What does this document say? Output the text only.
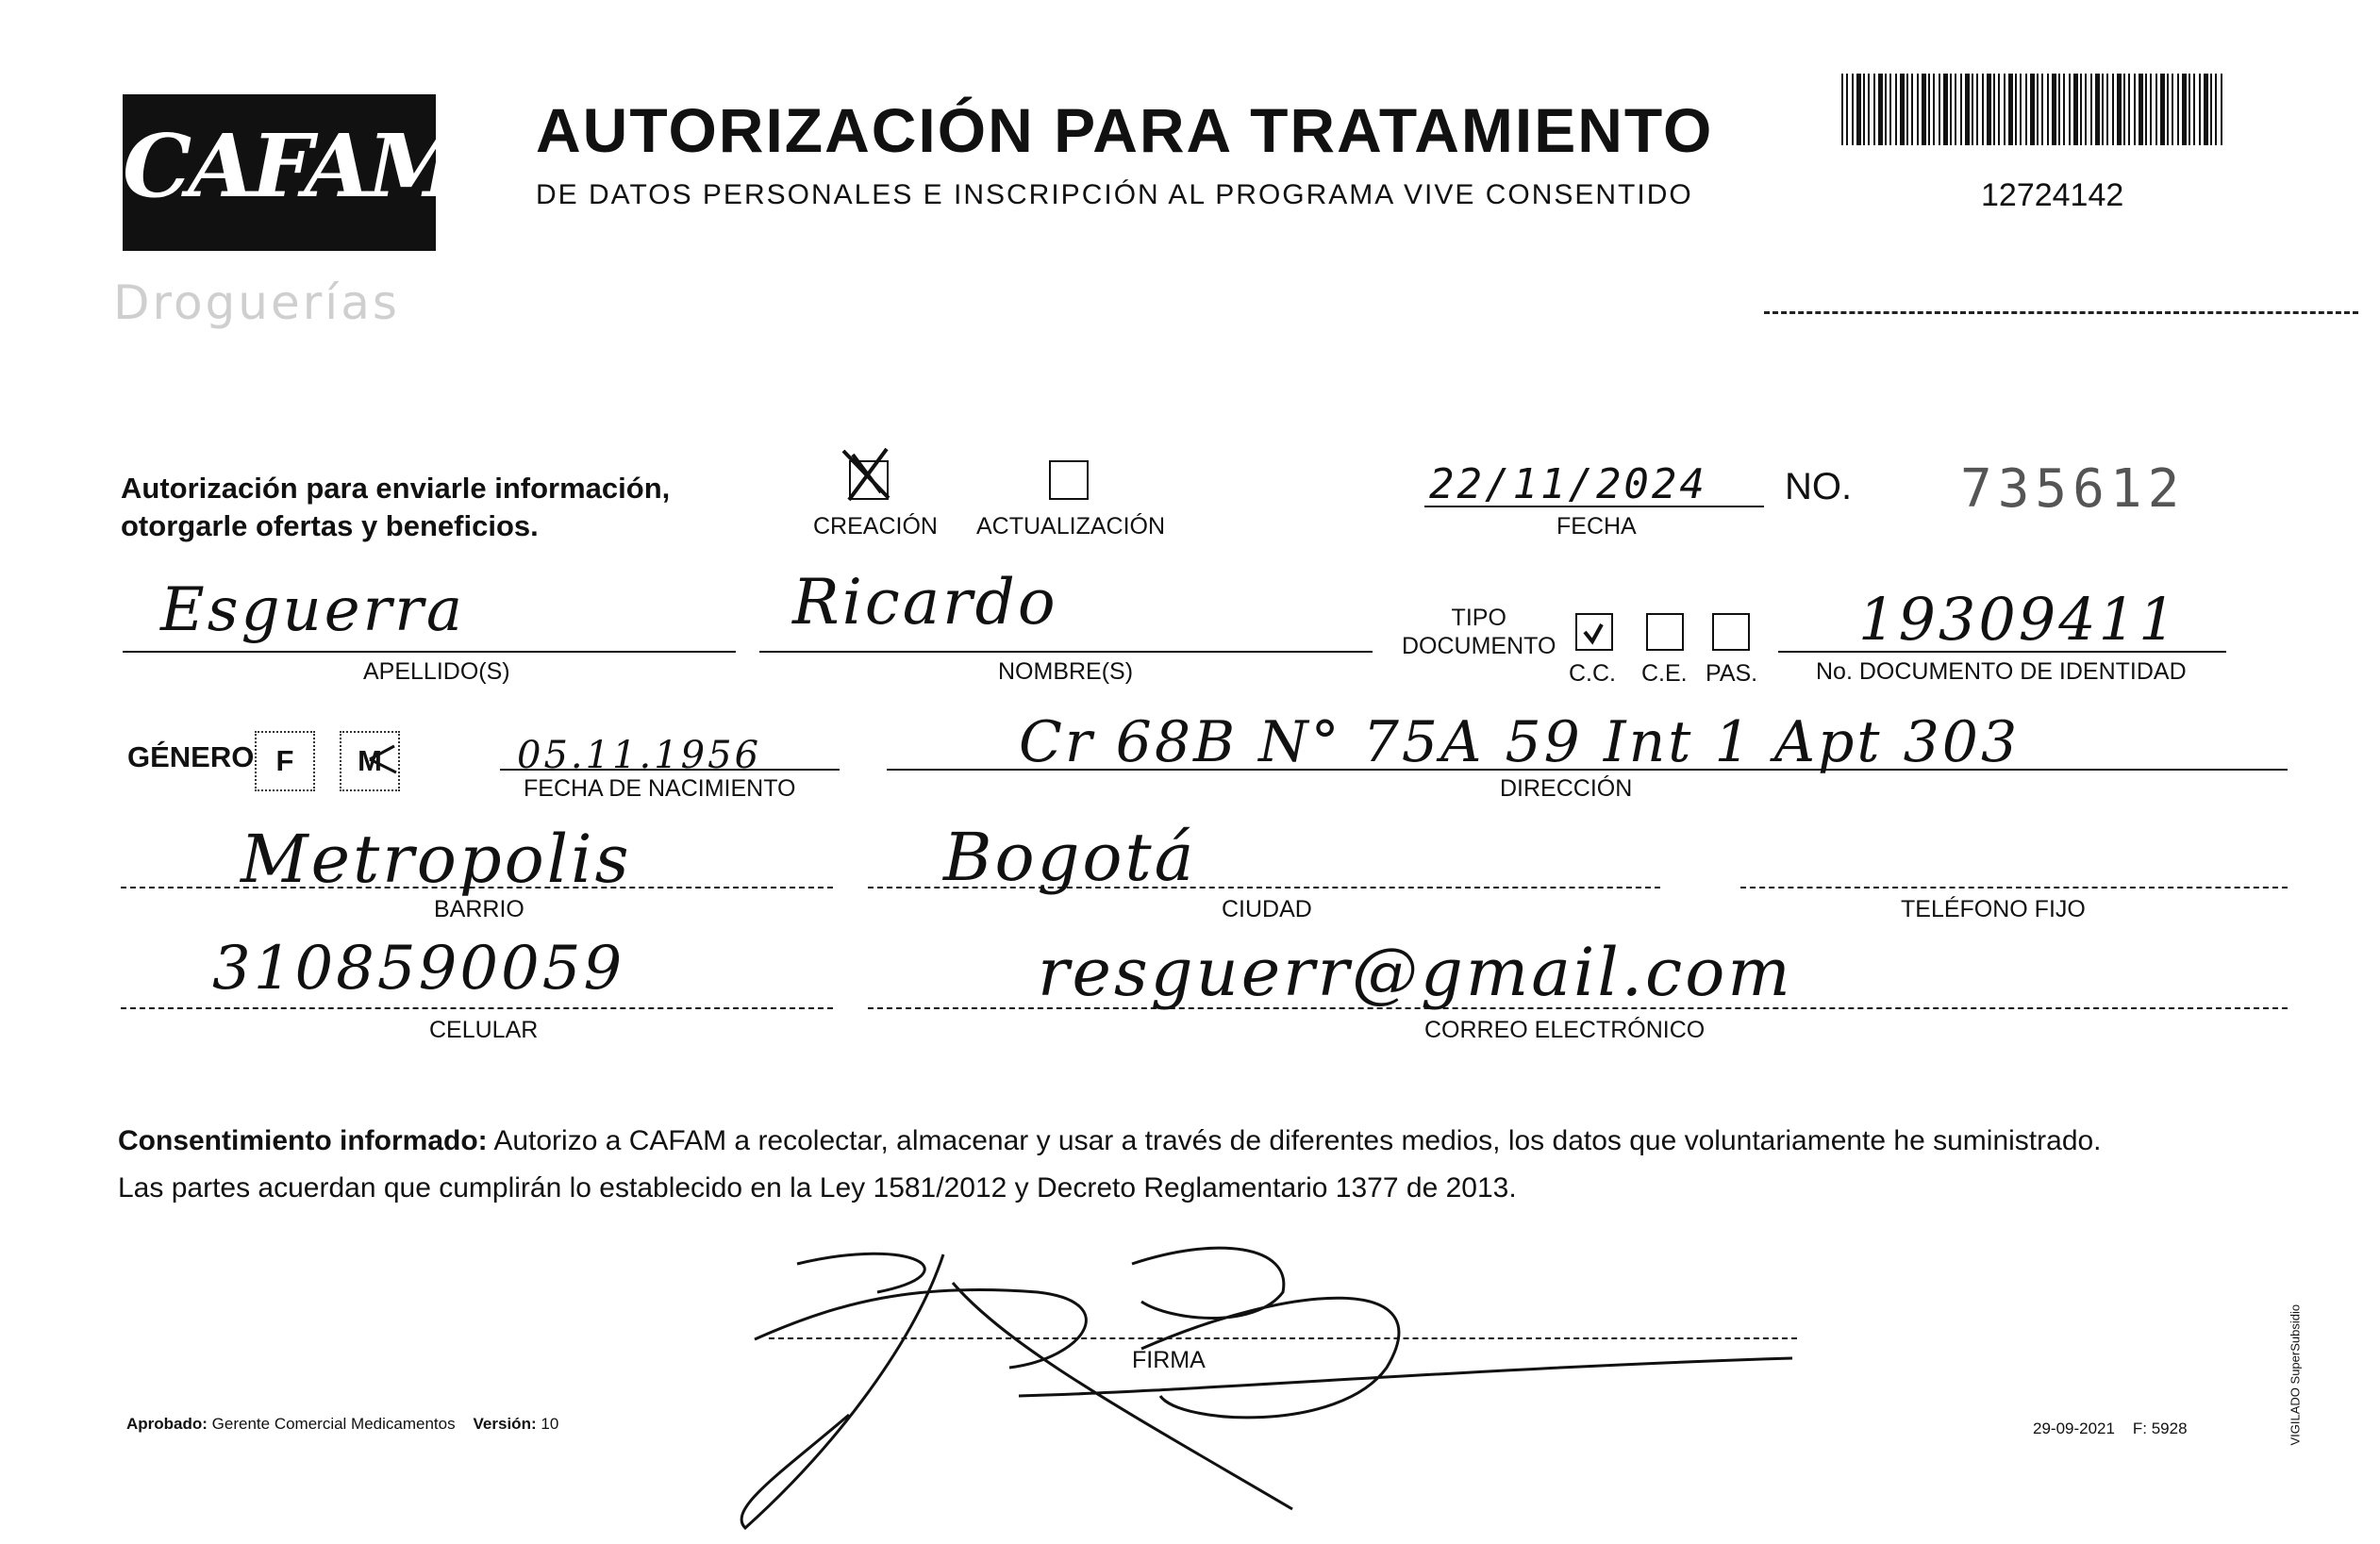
CAFAM
Droguerías
AUTORIZACIÓN PARA TRATAMIENTO
DE DATOS PERSONALES E INSCRIPCIÓN AL PROGRAMA VIVE CONSENTIDO	12724142
Autorización para enviarle información,
otorgarle ofertas y beneficios.	CREACIÓN ACTUALIZACIÓN
22/11/2024
FECHA
NO. 735612
Esguerra
APELLIDO(S)
Ricardo
NOMBRE(S)
TIPO
DOCUMENTO
C.C. C.E. PAS.
19309411
No. DOCUMENTO DE IDENTIDAD
GÉNERO F	M	05.11.1956
FECHA DE NACIMIENTO
Cr 68B N° 75A 59 Int 1 Apt 303
DIRECCIÓN
Metropolis
BARRIO
Bogotá
CIUDAD	TELÉFONO FIJO
3108590059
CELULAR
resguerr@gmail.com
CORREO ELECTRÓNICO
Consentimiento informado: Autorizo a CAFAM a recolectar, almacenar y usar a través de diferentes medios, los datos que voluntariamente he suministrado.
Las partes acuerdan que cumplirán lo establecido en la Ley 1581/2012 y Decreto Reglamentario 1377 de 2013.
FIRMA
Aprobado: Gerente Comercial Medicamentos Versión: 10	29-09-2021 F: 5928	VIGILADO SuperSubsidio
